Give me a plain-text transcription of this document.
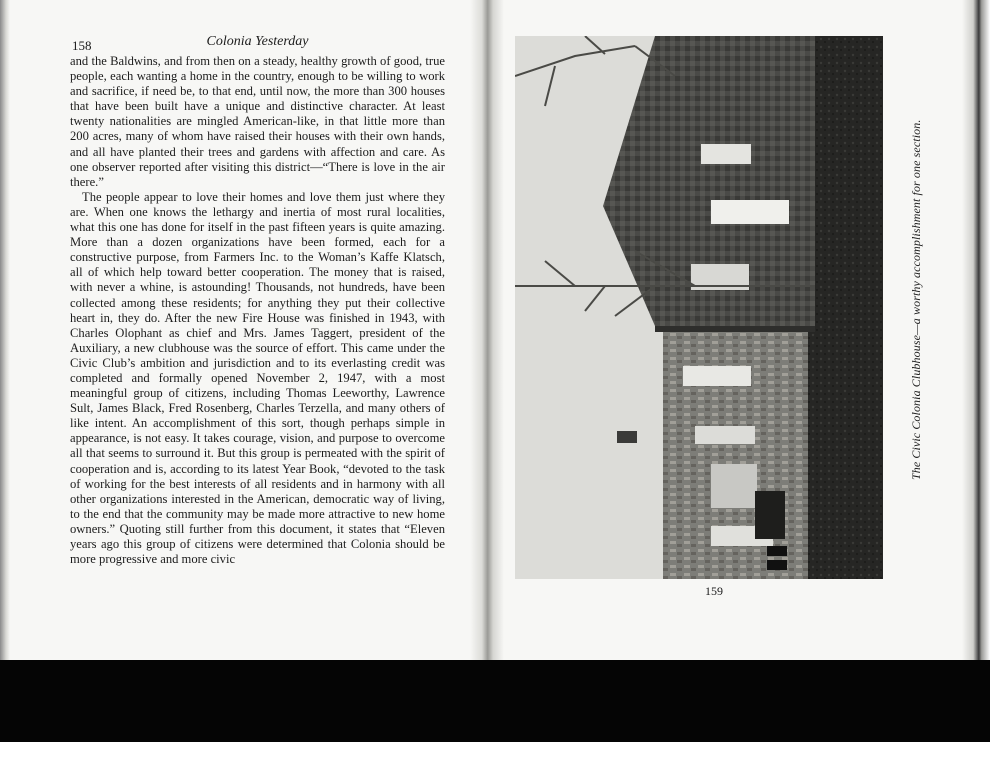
158	Colonia Yesterday

and the Baldwins, and from then on a steady, healthy growth of good, true people, each wanting a home in the country, enough to be willing to work and sacrifice, if need be, to that end, until now, the more than 300 houses that have been built have a unique and distinctive character. At least twenty nationalities are mingled American-like, in that little more than 200 acres, many of whom have raised their houses with their own hands, and all have planted their trees and gardens with affection and care. As one observer reported after visiting this district—“There is love in the air there.”

The people appear to love their homes and love them just where they are. When one knows the lethargy and inertia of most rural localities, what this one has done for itself in the past fifteen years is quite amazing. More than a dozen organizations have been formed, each for a constructive purpose, from Farmers Inc. to the Woman’s Kaffe Klatsch, all of which help toward better cooperation. The money that is raised, with never a whine, is astounding! Thousands, not hundreds, have been collected among these residents; for anything they put their collective heart in, they do. After the new Fire House was finished in 1943, with Charles Olophant as chief and Mrs. James Taggert, president of the Auxiliary, a new clubhouse was the source of effort. This came under the Civic Club’s ambition and jurisdiction and to its everlasting credit was completed and formally opened November 2, 1947, with a most meaningful group of citizens, including Thomas Leeworthy, Lawrence Sult, James Black, Fred Rosenberg, Charles Terzella, and many others of like intent. An accomplishment of this sort, though perhaps simple in appearance, is not easy. It takes courage, vision, and purpose to overcome all that seems to surround it. But this group is permeated with the spirit of cooperation and is, according to its latest Year Book, “devoted to the task of working for the best interests of all residents and in harmony with all other organizations interested in the American, democratic way of living, to the end that the community may be made more attractive to new home owners.” Quoting still further from this document, it states that “Eleven years ago this group of citizens were determined that Colonia should be more progressive and more civic

159
The Civic Colonia Clubhouse—a worthy accomplishment for one section.
